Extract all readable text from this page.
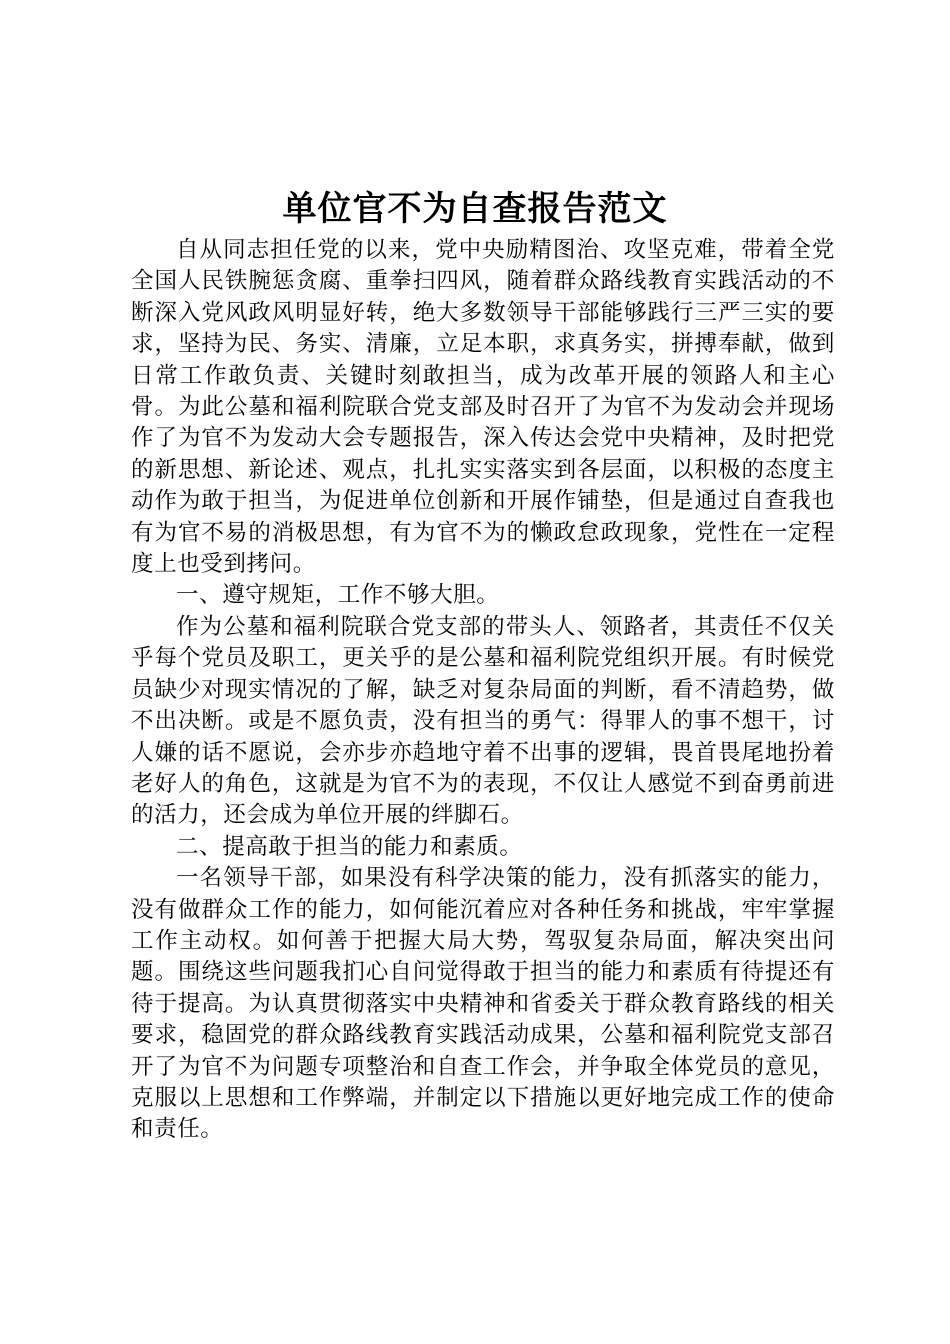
单位官不为自查报告范文

自从同志担任党的以来，党中央励精图治、攻坚克难，带着全党全国人民铁腕惩贪腐、重拳扫四风，随着群众路线教育实践活动的不断深入党风政风明显好转，绝大多数领导干部能够践行三严三实的要求，坚持为民、务实、清廉，立足本职，求真务实，拼搏奉献，做到日常工作敢负责、关键时刻敢担当，成为改革开展的领路人和主心骨。为此公墓和福利院联合党支部及时召开了为官不为发动会并现场作了为官不为发动大会专题报告，深入传达会党中央精神，及时把党的新思想、新论述、观点，扎扎实实落实到各层面，以积极的态度主动作为敢于担当，为促进单位创新和开展作铺垫，但是通过自查我也有为官不易的消极思想，有为官不为的懒政怠政现象，党性在一定程度上也受到拷问。

一、遵守规矩，工作不够大胆。

作为公墓和福利院联合党支部的带头人、领路者，其责任不仅关乎每个党员及职工，更关乎的是公墓和福利院党组织开展。有时候党员缺少对现实情况的了解，缺乏对复杂局面的判断，看不清趋势，做不出决断。或是不愿负责，没有担当的勇气：得罪人的事不想干，讨人嫌的话不愿说，会亦步亦趋地守着不出事的逻辑，畏首畏尾地扮着老好人的角色，这就是为官不为的表现，不仅让人感觉不到奋勇前进的活力，还会成为单位开展的绊脚石。

二、提高敢于担当的能力和素质。

一名领导干部，如果没有科学决策的能力，没有抓落实的能力，没有做群众工作的能力，如何能沉着应对各种任务和挑战，牢牢掌握工作主动权。如何善于把握大局大势，驾驭复杂局面，解决突出问题。围绕这些问题我扪心自问觉得敢于担当的能力和素质有待提还有待于提高。为认真贯彻落实中央精神和省委关于群众教育路线的相关要求，稳固党的群众路线教育实践活动成果，公墓和福利院党支部召开了为官不为问题专项整治和自查工作会，并争取全体党员的意见，克服以上思想和工作弊端，并制定以下措施以更好地完成工作的使命和责任。
